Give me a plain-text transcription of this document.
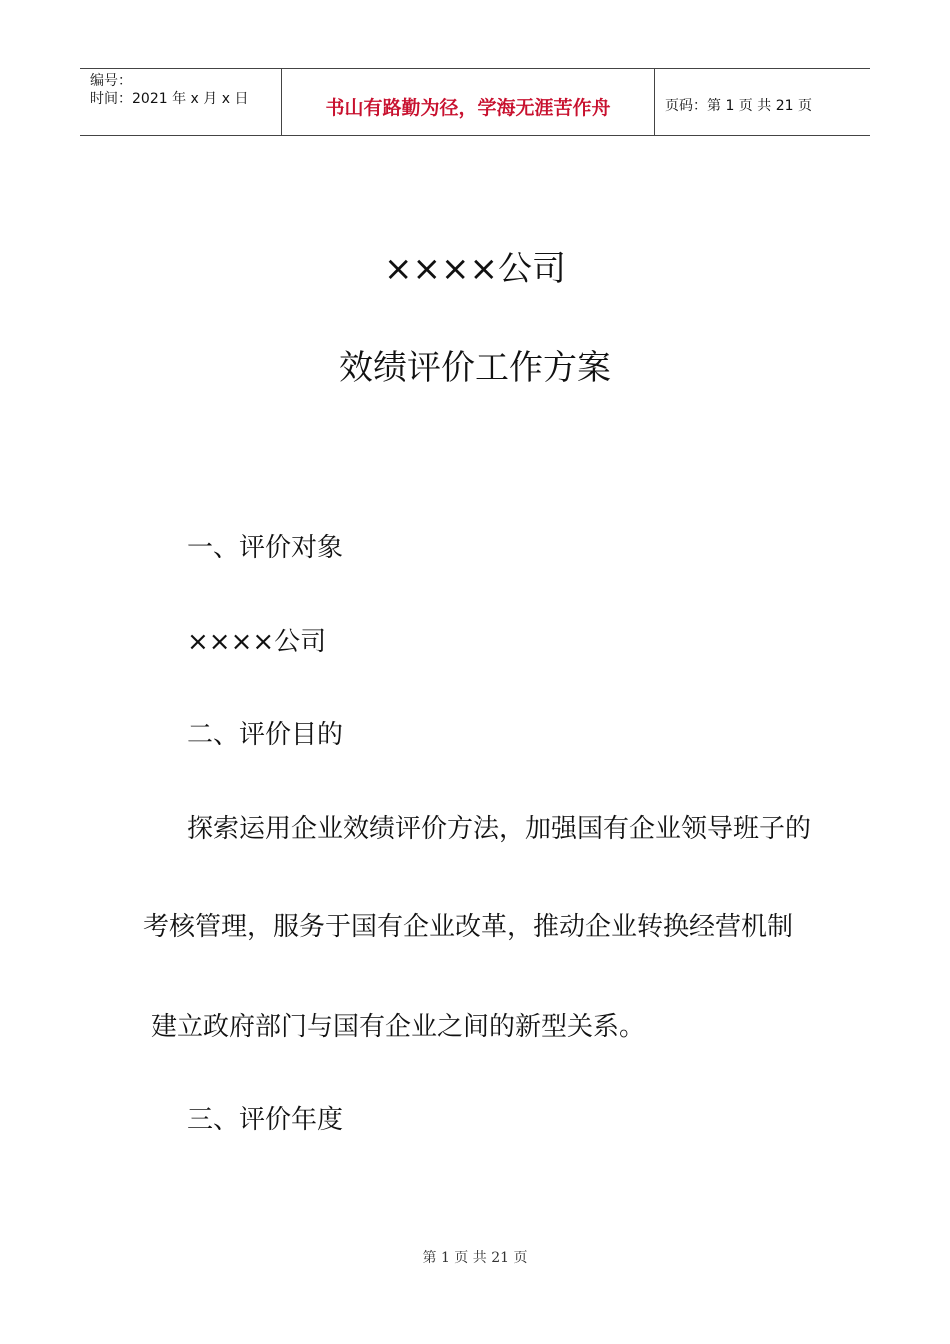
编号：
时间：2021 年 x 月 x 日	书山有路勤为径，学海无涯苦作舟	页码：第 1 页 共 21 页
××××公司
效绩评价工作方案
一、评价对象
××××公司
二、评价目的
探索运用企业效绩评价方法，加强国有企业领导班子的
考核管理，服务于国有企业改革，推动企业转换经营机制
建立政府部门与国有企业之间的新型关系。
三、评价年度
第 1 页 共 21 页
